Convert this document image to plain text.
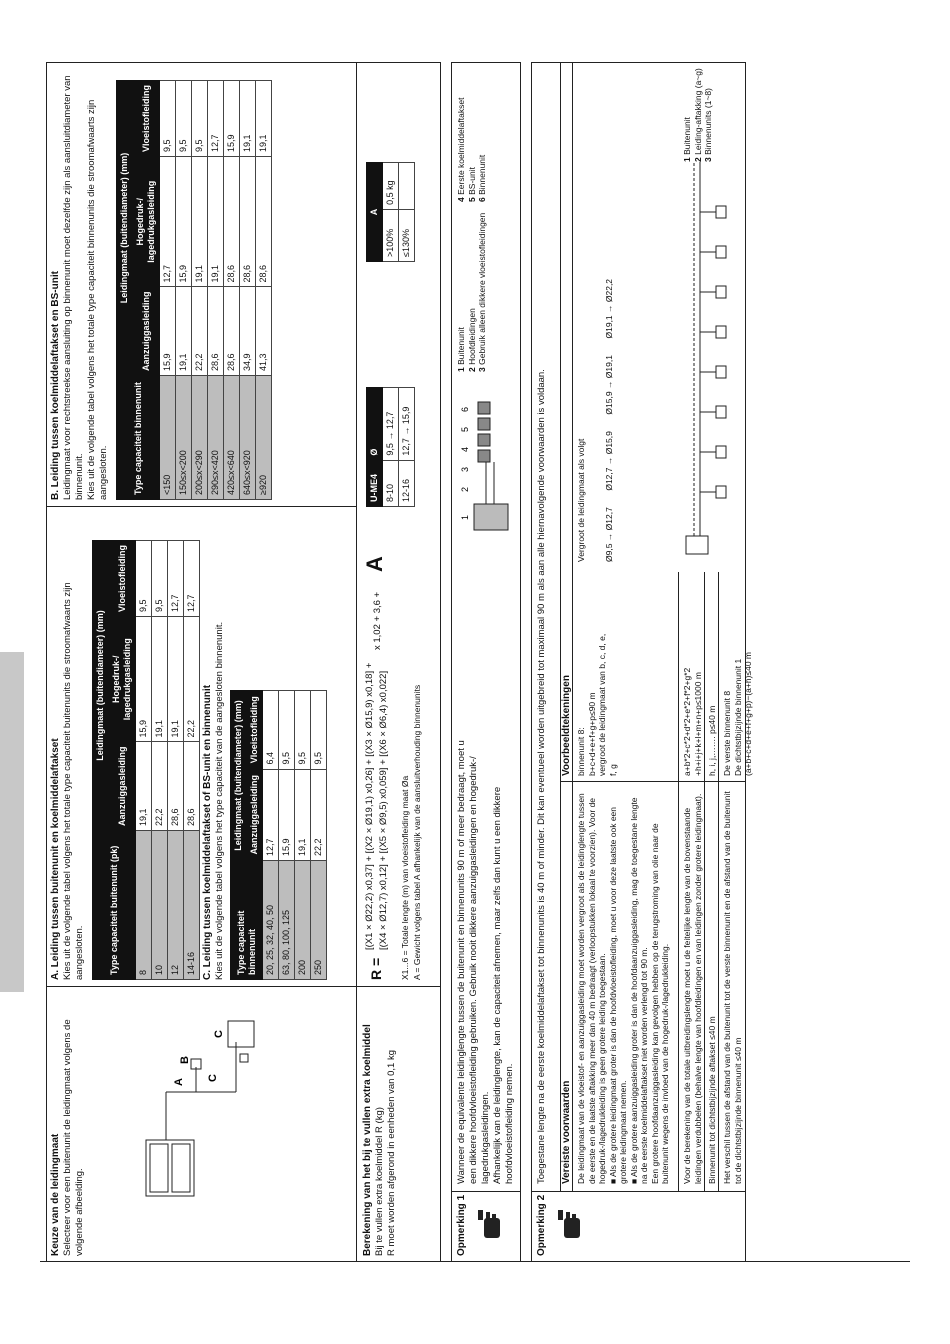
Keuze van de leidingmaat Selecteer voor een buitenunit de leidingmaat volgens de volgende afbeelding.
A
B
C
C
A. Leiding tussen buitenunit en koelmiddelaftakset Kies uit de volgende tabel volgens het totale type capaciteit buitenunits die stroomafwaarts zijn aangesloten.	Type capaciteit buitenunit (pk)	Leidingmaat (buitendiameter) (mm)		
	Aanzuiggasleiding	Hogedruk-/ lagedrukgasleiding	Vloeistofleiding
8	19,1	15,9	9,5
10	22,2	19,1	9,5
12	28,6	19,1	12,7
14-16	28,6	22,2	12,7
C. Leiding tussen koelmiddelaftakset of BS-unit en binnenunit Kies uit de volgende tabel volgens het type capaciteit van de aangesloten binnenunit. Type capaciteit binnenunit	Leidingmaat (buitendiameter) (mm)	
	Aanzuiggasleiding	Vloeistofleiding
20, 25, 32, 40, 50	12,7	6,4
63, 80, 100, 125	15,9	9,5
200	19,1	9,5
250	22,2	9,5
B. Leiding tussen koelmiddelaftakset en BS-unit Leidingmaat voor rechtstreekse aansluiting op binnenunit moet dezelfde zijn als aansluitdiameter van binnenunit. Kies uit de volgende tabel volgens het totale type capaciteit binnenunits die stroomafwaarts zijn aangesloten.	Type capaciteit binnenunit	Leidingmaat (buitendiameter) (mm)		
	Aanzuiggasleiding	Hogedruk-/ lagedrukgasleiding	Vloeistofleiding
<150	15,9	12,7	9,5
150≤x<200	19,1	15,9	9,5
200≤x<290	22,2	19,1	9,5
290≤x<420	28,6	19,1	12,7
420≤x<640	28,6	28,6	15,9
640≤x<920	34,9	28,6	19,1
≥920	41,3	28,6	19,1
Berekening van het bij te vullen extra koelmiddel Bij te vullen extra koelmiddel R (kg) R moet worden afgerond in eenheden van 0,1 kg
R =
[(X1 × Ø22,2) x0,37] + [(X2 × Ø19,1) x0,26] + [(X3 × Ø15,9) x0,18] + [(X4 × Ø12,7) x0,12] + [(X5 × Ø9,5) x0,059] + [(X6 × Ø6,4) x0,022]
x 1,02 + 3,6 +
A
X1...6 = Totale lengte (m) van vloeistofleiding maat Øa A = Gewicht volgens tabel A afhankelijk van de aansluitverhouding binnenunits
U-ME4	Ø
8-10	9,5 → 12,7
12-16	12,7 → 15,9
A	
>100%	0,5 kg
≤130%	
Opmerking 1
Wanneer de equivalente leidinglengte tussen de buitenunit en binnenunits 90 m of meer bedraagt, moet u een dikkere hoofdvloeistofleiding gebruiken. Gebruik nooit dikkere aanzuiggasleidingen en hogedruk-/ lagedrukgasleidingen. Afhankelijk van de leidinglengte, kan de capaciteit afnemen, maar zelfs dan kunt u een dikkere hoofdvloeistofleiding nemen.
1
2
3
4
5
6
1 Buitenunit
2 Hoofdleidingen
3 Gebruik alleen dikkere vloeistofleidingen
4 Eerste koelmiddelaftakset
5 BS-unit
6 Binnenunit
Opmerking 2
Toegestane lengte na de eerste koelmiddelaftakset tot binnenunits is 40 m of minder. Dit kan eventueel worden uitgebreid tot maximaal 90 m als aan alle hiernavolgende voorwaarden is voldaan. Vereiste voorwaarden
Voorbeeldtekeningen
De leidingmaat van de vloeistof- en aanzuiggasleiding moet worden vergroot als de leidinglengte tussen de eerste en de laatste aftakking meer dan 40 m bedraagt (verloopstukken lokaal te voorzien). Voor de hogedruk-/lagedrukleiding is geen grotere leiding toegestaan. ■ Als de grotere leidingmaat groter is dan de hoofdvloeistofleiding, moet u voor deze laatste ook een grotere leidingmaat nemen. ■ Als de grotere aanzuiggasleiding groter is dan de hoofdaanzuiggasleiding, mag de toegestane lengte na de eerste koelmiddelaftakset niet worden verlengd tot 90 m. Een grotere hoofdaanzuiggasleiding kan gevolgen hebben op de terugstroming van olie naar de buitenunit wegens de invloed van de hogedruk-/lagedrukleiding.
binnenunit 8: b+c+d+e+f+g+p≤90 m vergroot de leidingmaat van b, c, d, e, f, g
Vergroot de leidingmaat als volgt Ø9,5 → Ø12,7       Ø12,7 → Ø15,9       Ø15,9 → Ø19,1       Ø19,1 → Ø22,2
Voor de berekening van de totale uitbreidingslengte moet u de feitelijke lengte van de bovenstaande leidingen verdubbelen (behalve lengte van hoofdleidingen en van leidingen zonder grotere leidingmaat).
a+b*2+c*2+d*2+e*2+f*2+g*2 +h+i+j+k+l+m+n+p≤1000 m
Binnenunit tot dichtstbijzijnde aftakset ≤40 m
h, i, j,……. p≤40 m
Het verschil tussen de afstand van de buitenunit tot de verste binnenunit en de afstand van de buitenunit tot de dichtstbijzijnde binnenunit ≤40 m
De verste binnenunit 8 De dichtstbijzijnde binnenunit 1 (a+b+c+d+e+f+g+p)−(a+h)≤40 m
1 Buitenunit
2 Leiding-aftakking (a~g)
3 Binnenunits (1~8)
